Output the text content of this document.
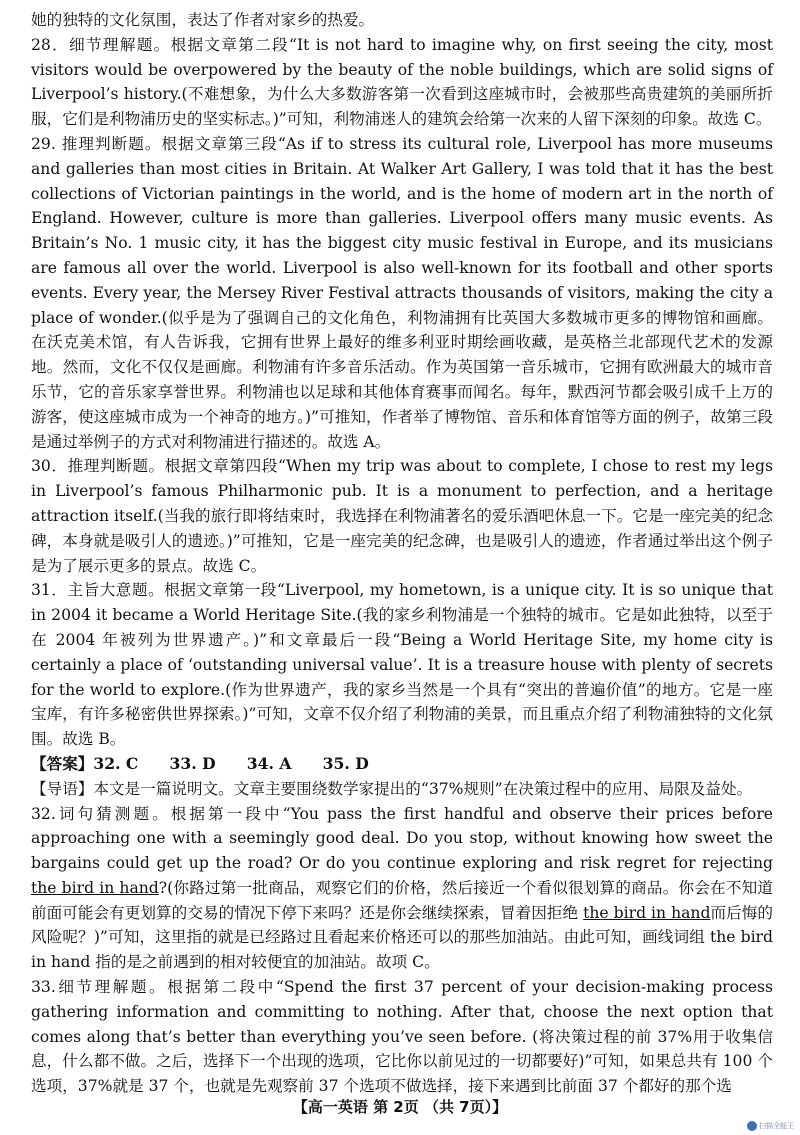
她的独特的文化氛围，表达了作者对家乡的热爱。

28．细节理解题。根据文章第二段“It is not hard to imagine why, on first seeing the city, most visitors would be overpowered by the beauty of the noble buildings, which are solid signs of Liverpool’s history.(不难想象，为什么大多数游客第一次看到这座城市时，会被那些高贵建筑的美丽所折服，它们是利物浦历史的坚实标志。)”可知，利物浦迷人的建筑会给第一次来的人留下深刻的印象。故选 C。

29. 推理判断题。根据文章第三段“As if to stress its cultural role, Liverpool has more museums and galleries than most cities in Britain. At Walker Art Gallery, I was told that it has the best collections of Victorian paintings in the world, and is the home of modern art in the north of England. However, culture is more than galleries. Liverpool offers many music events. As Britain’s No. 1 music city, it has the biggest city music festival in Europe, and its musicians are famous all over the world. Liverpool is also well-known for its football and other sports events. Every year, the Mersey River Festival attracts thousands of visitors, making the city a place of wonder.(似乎是为了强调自己的文化角色，利物浦拥有比英国大多数城市更多的博物馆和画廊。在沃克美术馆，有人告诉我，它拥有世界上最好的维多利亚时期绘画收藏，是英格兰北部现代艺术的发源地。然而，文化不仅仅是画廊。利物浦有许多音乐活动。作为英国第一音乐城市，它拥有欧洲最大的城市音乐节，它的音乐家享誉世界。利物浦也以足球和其他体育赛事而闻名。每年，默西河节都会吸引成千上万的游客，使这座城市成为一个神奇的地方。)”可推知，作者举了博物馆、音乐和体育馆等方面的例子，故第三段是通过举例子的方式对利物浦进行描述的。故选 A。

30．推理判断题。根据文章第四段“When my trip was about to complete, I chose to rest my legs in Liverpool’s famous Philharmonic pub. It is a monument to perfection, and a heritage attraction itself.(当我的旅行即将结束时，我选择在利物浦著名的爱乐酒吧休息一下。它是一座完美的纪念碑，本身就是吸引人的遗迹。)”可推知，它是一座完美的纪念碑，也是吸引人的遗迹，作者通过举出这个例子是为了展示更多的景点。故选 C。

31．主旨大意题。根据文章第一段“Liverpool, my hometown, is a unique city. It is so unique that in 2004 it became a World Heritage Site.(我的家乡利物浦是一个独特的城市。它是如此独特，以至于在 2004 年被列为世界遗产。)”和文章最后一段“Being a World Heritage Site, my home city is certainly a place of ‘outstanding universal value’. It is a treasure house with plenty of secrets for the world to explore.(作为世界遗产，我的家乡当然是一个具有“突出的普遍价值”的地方。它是一座宝库，有许多秘密供世界探索。)”可知，文章不仅介绍了利物浦的美景，而且重点介绍了利物浦独特的文化氛围。故选 B。

【答案】32. C　　33. D　　34. A　　35. D

【导语】本文是一篇说明文。文章主要围绕数学家提出的“37%规则”在决策过程中的应用、局限及益处。

32.词句猜测题。根据第一段中“You pass the first handful and observe their prices before approaching one with a seemingly good deal. Do you stop, without knowing how sweet the bargains could get up the road? Or do you continue exploring and risk regret for rejecting the bird in hand?(你路过第一批商品，观察它们的价格，然后接近一个看似很划算的商品。你会在不知道前面可能会有更划算的交易的情况下停下来吗？还是你会继续探索，冒着因拒绝 the bird in hand而后悔的风险呢？)”可知，这里指的就是已经路过且看起来价格还可以的那些加油站。由此可知，画线词组 the bird in hand 指的是之前遇到的相对较便宜的加油站。故项 C。

33.细节理解题。根据第二段中“Spend the first 37 percent of your decision-making process gathering information and committing to nothing. After that, choose the next option that comes along that’s better than everything you’ve seen before. (将决策过程的前 37%用于收集信息，什么都不做。之后，选择下一个出现的选项，它比你以前见过的一切都要好)”可知，如果总共有 100 个选项，37%就是 37 个，也就是先观察前 37 个选项不做选择，接下来遇到比前面 37 个都好的那个选

【高一英语 第 2页 （共 7页）】
扫描全能王
